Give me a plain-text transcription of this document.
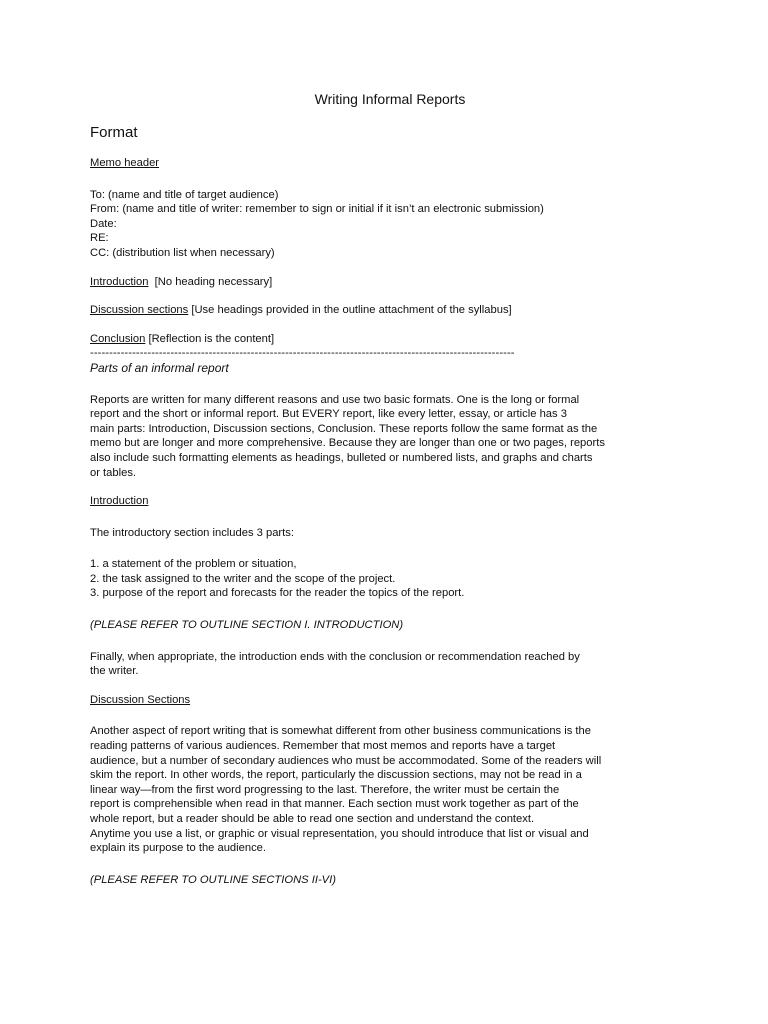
Writing Informal Reports
Format
Memo header
To: (name and title of target audience)
From: (name and title of writer: remember to sign or initial if it isn’t an electronic submission)
Date:
RE:
CC: (distribution list when necessary)
Introduction  [No heading necessary]
Discussion sections [Use headings provided in the outline attachment of the syllabus]
Conclusion [Reflection is the content]
---------------------------------------------------------------------------------------------------------------
Parts of an informal report
Reports are written for many different reasons and use two basic formats. One is the long or formal
report and the short or informal report. But EVERY report, like every letter, essay, or article has 3
main parts: Introduction, Discussion sections, Conclusion. These reports follow the same format as the
memo but are longer and more comprehensive. Because they are longer than one or two pages, reports
also include such formatting elements as headings, bulleted or numbered lists, and graphs and charts
or tables.
Introduction
The introductory section includes 3 parts:
1. a statement of the problem or situation,
2. the task assigned to the writer and the scope of the project.
3. purpose of the report and forecasts for the reader the topics of the report.
(PLEASE REFER TO OUTLINE SECTION I. INTRODUCTION)
Finally, when appropriate, the introduction ends with the conclusion or recommendation reached by
the writer.
Discussion Sections
Another aspect of report writing that is somewhat different from other business communications is the
reading patterns of various audiences. Remember that most memos and reports have a target
audience, but a number of secondary audiences who must be accommodated. Some of the readers will
skim the report. In other words, the report, particularly the discussion sections, may not be read in a
linear way—from the first word progressing to the last. Therefore, the writer must be certain the
report is comprehensible when read in that manner. Each section must work together as part of the
whole report, but a reader should be able to read one section and understand the context.
Anytime you use a list, or graphic or visual representation, you should introduce that list or visual and
explain its purpose to the audience.
(PLEASE REFER TO OUTLINE SECTIONS II-VI)
